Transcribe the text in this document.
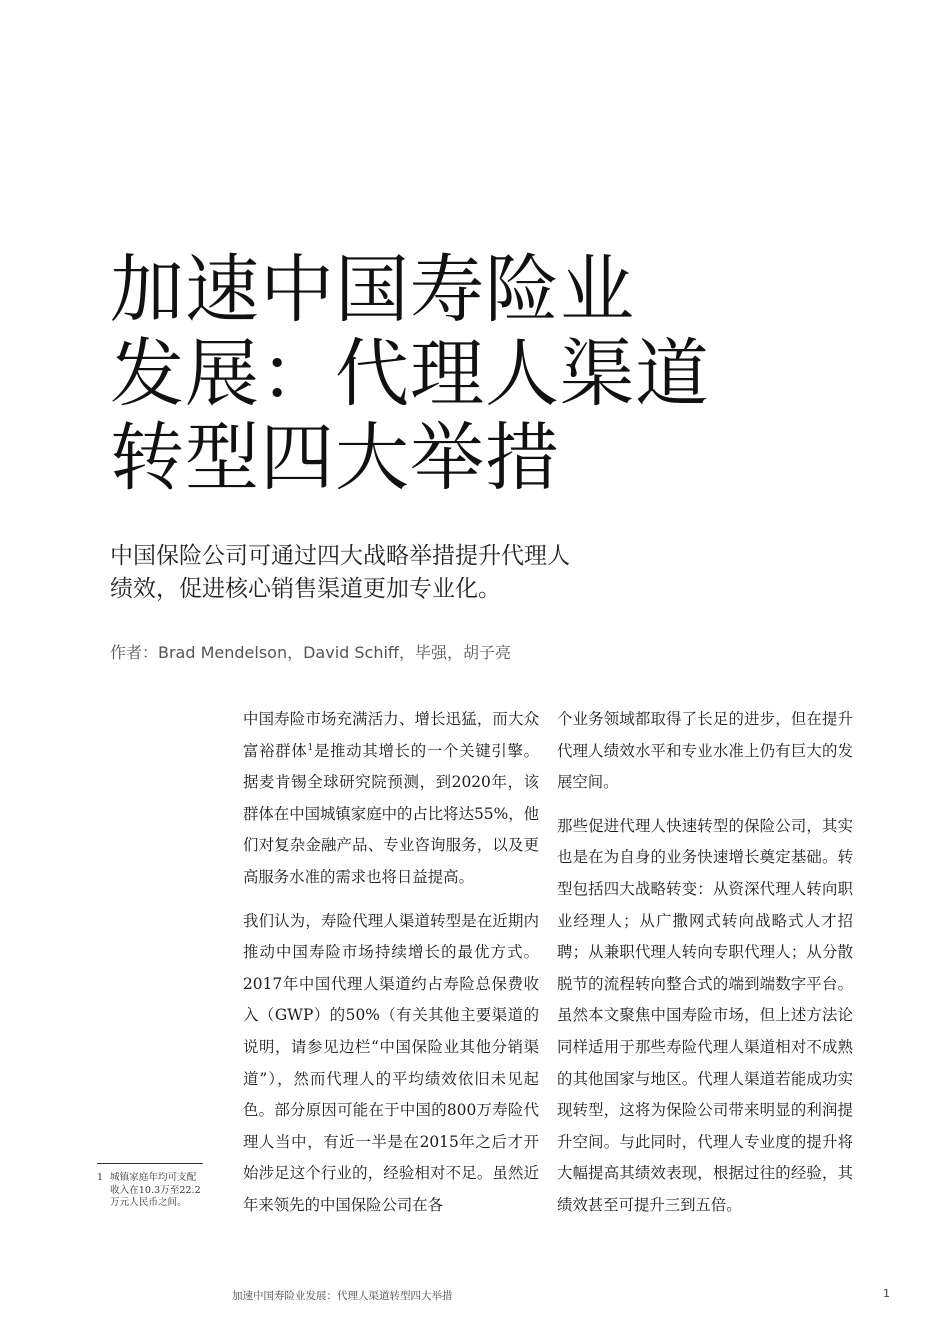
加速中国寿险业
发展：代理人渠道
转型四大举措
中国保险公司可通过四大战略举措提升代理人
绩效，促进核心销售渠道更加专业化。
作者：Brad Mendelson，David Schiff，毕强，胡子亮

中国寿险市场充满活力、增长迅猛，而大众富裕群体$^1$是推动其增长的一个关键引擎。据麦肯锡全球研究院预测，到2020年，该群体在中国城镇家庭中的占比将达55%，他们对复杂金融产品、专业咨询服务，以及更高服务水准的需求也将日益提高。

我们认为，寿险代理人渠道转型是在近期内推动中国寿险市场持续增长的最优方式。2017年中国代理人渠道约占寿险总保费收入（GWP）的50%（有关其他主要渠道的说明，请参见边栏“中国保险业其他分销渠道”），然而代理人的平均绩效依旧未见起色。部分原因可能在于中国的800万寿险代理人当中，有近一半是在2015年之后才开始涉足这个行业的，经验相对不足。虽然近年来领先的中国保险公司在各

个业务领域都取得了长足的进步，但在提升代理人绩效水平和专业水准上仍有巨大的发展空间。

那些促进代理人快速转型的保险公司，其实也是在为自身的业务快速增长奠定基础。转型包括四大战略转变：从资深代理人转向职业经理人；从广撒网式转向战略式人才招聘；从兼职代理人转向专职代理人；从分散脱节的流程转向整合式的端到端数字平台。虽然本文聚焦中国寿险市场，但上述方法论同样适用于那些寿险代理人渠道相对不成熟的其他国家与地区。代理人渠道若能成功实现转型，这将为保险公司带来明显的利润提升空间。与此同时，代理人专业度的提升将大幅提高其绩效表现，根据过往的经验，其绩效甚至可提升三到五倍。

1 城镇家庭年均可支配收入在10.3万至22.2万元人民币之间。
加速中国寿险业发展：代理人渠道转型四大举措	1
